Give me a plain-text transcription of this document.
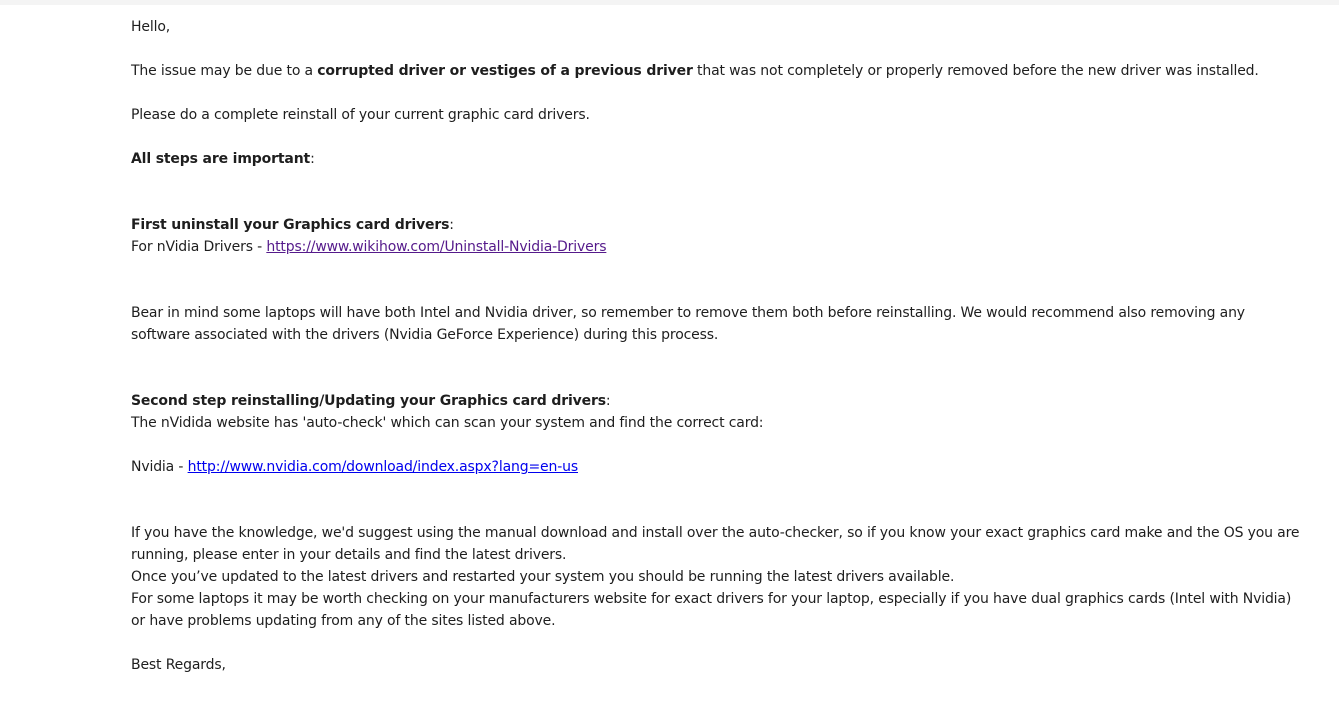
Hello,
The issue may be due to a corrupted driver or vestiges of a previous driver that was not completely or properly removed before the new driver was installed.
Please do a complete reinstall of your current graphic card drivers.
All steps are important:
First uninstall your Graphics card drivers:
For nVidia Drivers - https://www.wikihow.com/Uninstall-Nvidia-Drivers
Bear in mind some laptops will have both Intel and Nvidia driver, so remember to remove them both before reinstalling. We would recommend also removing any software associated with the drivers (Nvidia GeForce Experience) during this process.
Second step reinstalling/Updating your Graphics card drivers:
The nVidida website has 'auto-check' which can scan your system and find the correct card:
Nvidia - http://www.nvidia.com/download/index.aspx?lang=en-us
If you have the knowledge, we'd suggest using the manual download and install over the auto-checker, so if you know your exact graphics card make and the OS you are running, please enter in your details and find the latest drivers.
Once you’ve updated to the latest drivers and restarted your system you should be running the latest drivers available.
For some laptops it may be worth checking on your manufacturers website for exact drivers for your laptop, especially if you have dual graphics cards (Intel with Nvidia) or have problems updating from any of the sites listed above.
Best Regards,
